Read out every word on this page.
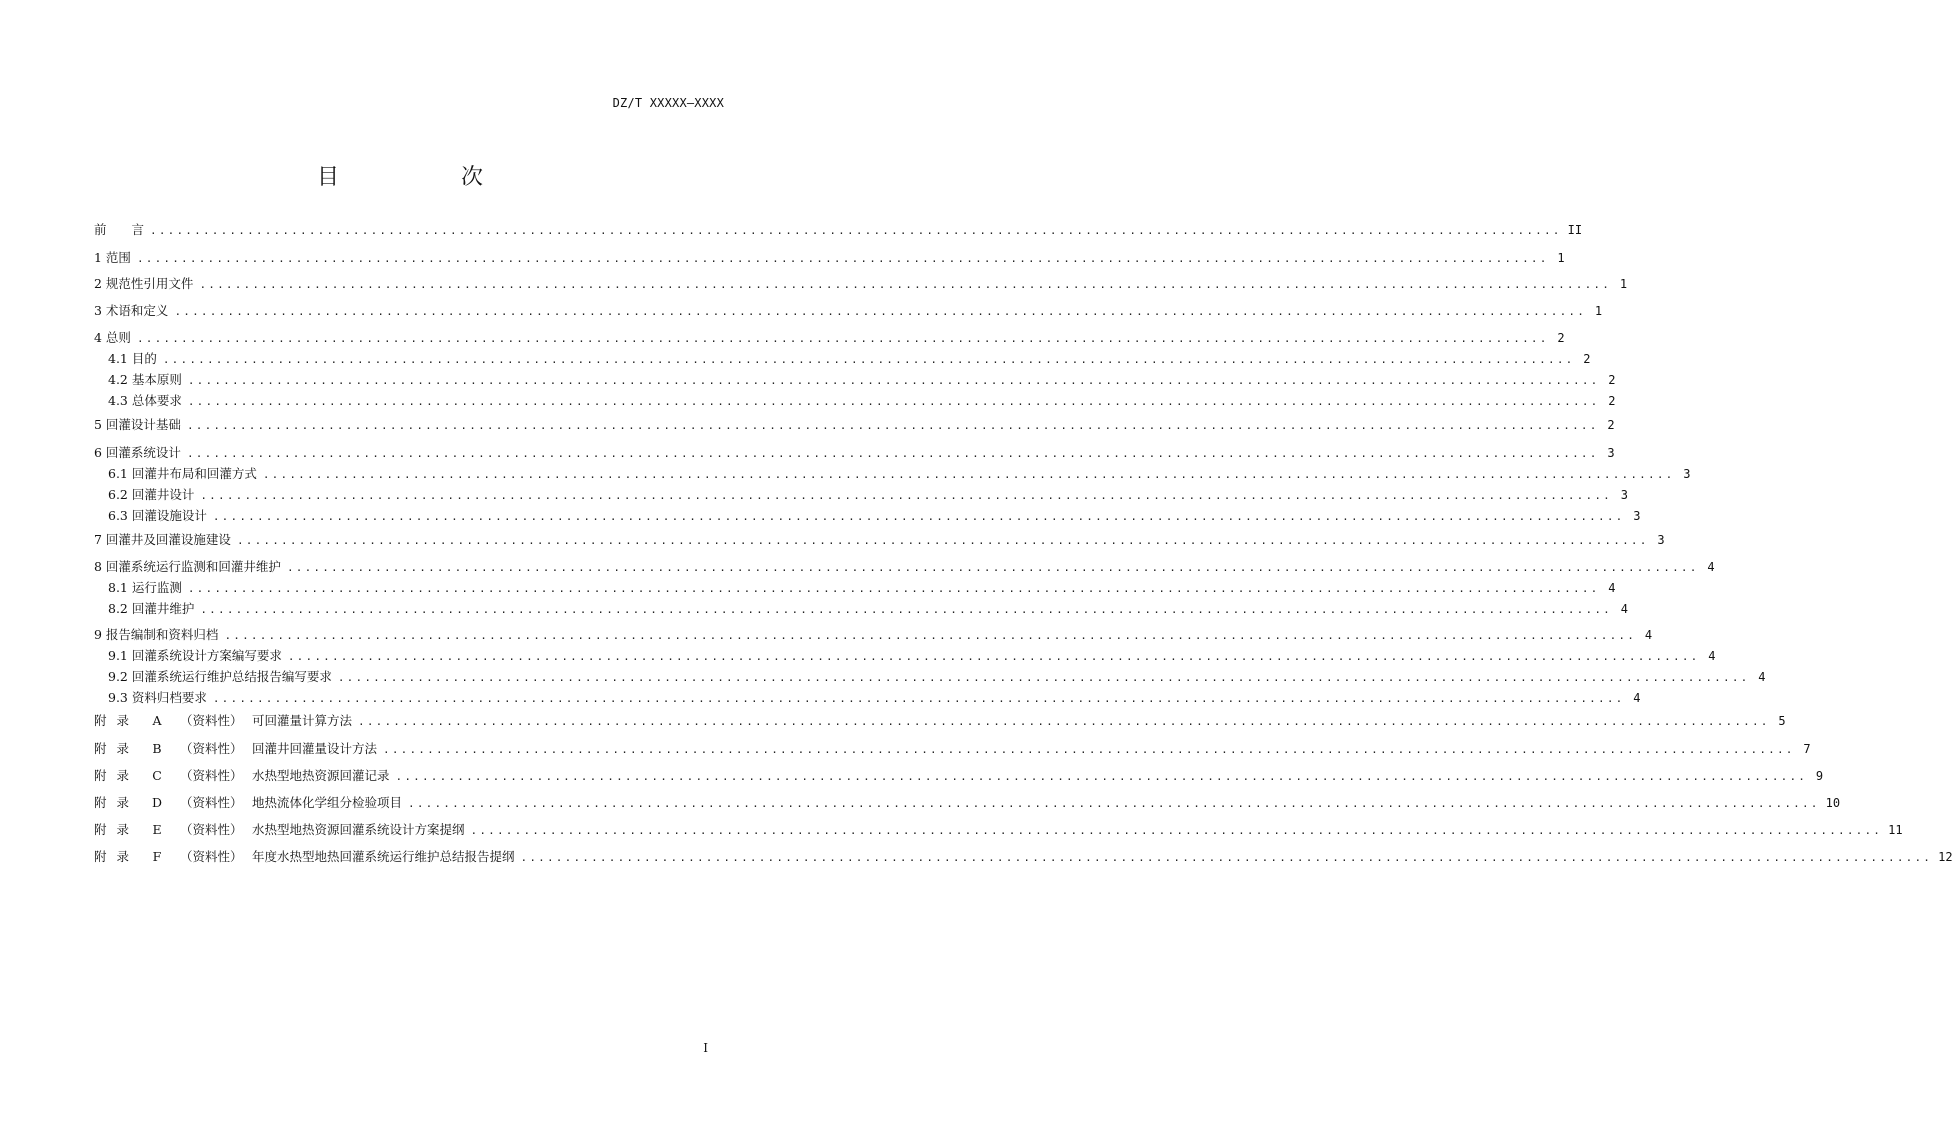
DZ/T XXXXX—XXXX
目　　次
前　　言 ................................................................................................................................................................ II
1 范围 ................................................................................................................................................................ 1
2 规范性引用文件 ................................................................................................................................................................ 1
3 术语和定义 ................................................................................................................................................................ 1
4 总则 ................................................................................................................................................................ 2
4.1 目的 ................................................................................................................................................................ 2
4.2 基本原则 ................................................................................................................................................................ 2
4.3 总体要求 ................................................................................................................................................................ 2
5 回灌设计基础 ................................................................................................................................................................ 2
6 回灌系统设计 ................................................................................................................................................................ 3
6.1 回灌井布局和回灌方式 ................................................................................................................................................................ 3
6.2 回灌井设计 ................................................................................................................................................................ 3
6.3 回灌设施设计 ................................................................................................................................................................ 3
7 回灌井及回灌设施建设 ................................................................................................................................................................ 3
8 回灌系统运行监测和回灌井维护 ................................................................................................................................................................ 4
8.1 运行监测 ................................................................................................................................................................ 4
8.2 回灌井维护 ................................................................................................................................................................ 4
9 报告编制和资料归档 ................................................................................................................................................................ 4
9.1 回灌系统设计方案编写要求 ................................................................................................................................................................ 4
9.2 回灌系统运行维护总结报告编写要求 ................................................................................................................................................................ 4
9.3 资料归档要求 ................................................................................................................................................................ 4
附录 A （资料性） 可回灌量计算方法 ................................................................................................................................................................ 5
附录 B （资料性） 回灌井回灌量设计方法 ................................................................................................................................................................ 7
附录 C （资料性） 水热型地热资源回灌记录 ................................................................................................................................................................ 9
附录 D （资料性） 地热流体化学组分检验项目 ................................................................................................................................................................ 10
附录 E （资料性） 水热型地热资源回灌系统设计方案提纲 ................................................................................................................................................................ 11
附录 F （资料性） 年度水热型地热回灌系统运行维护总结报告提纲 ................................................................................................................................................................ 12
I
